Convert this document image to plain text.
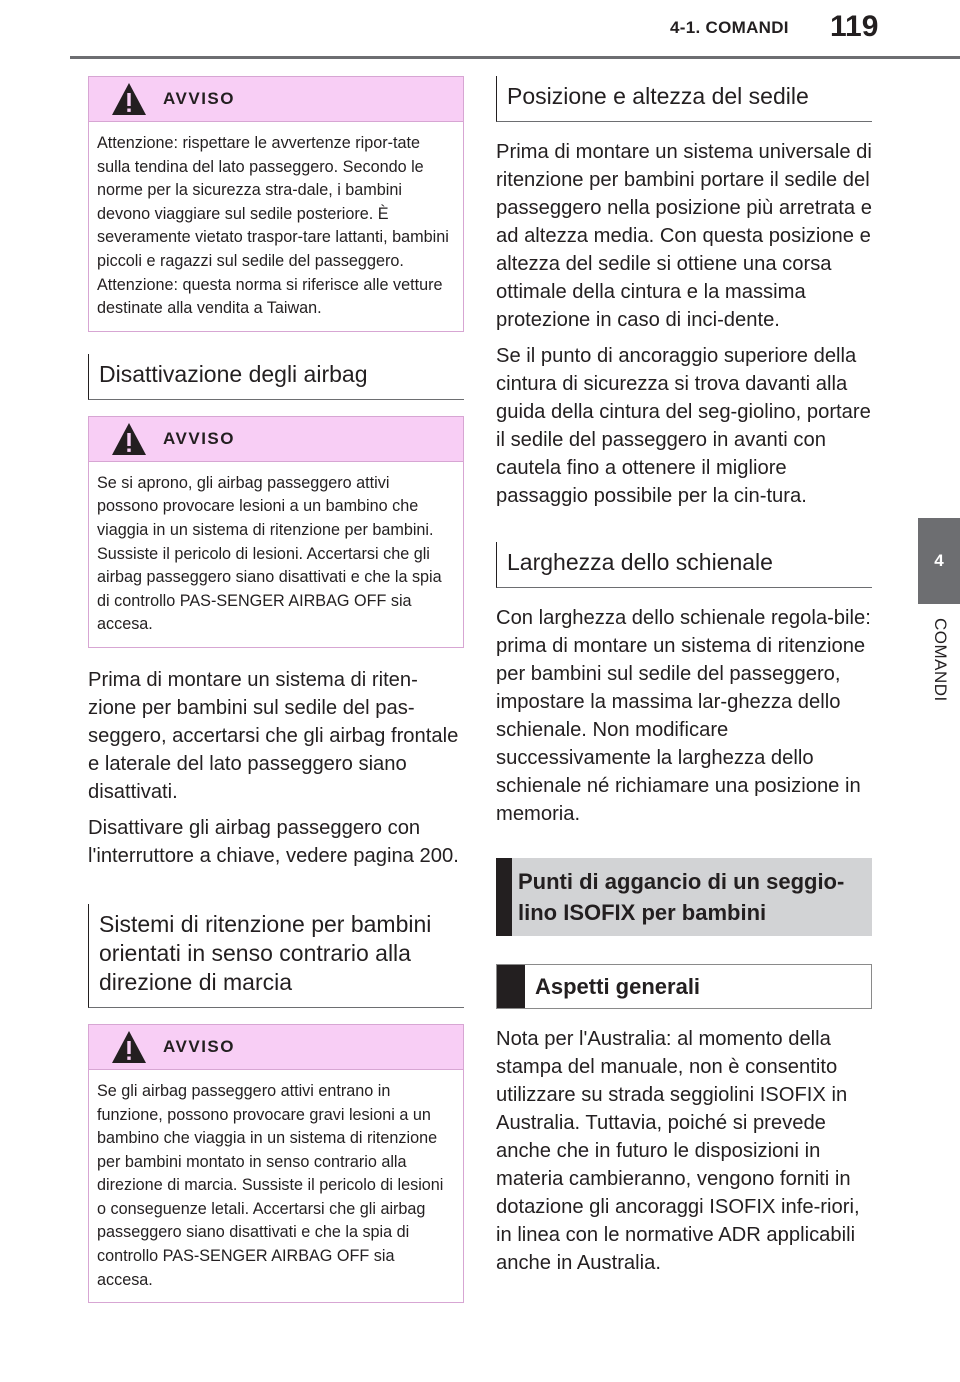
4-1. COMANDI 119
4
COMANDI
AVVISO
Attenzione: rispettare le avvertenze ripor-tate sulla tendina del lato passeggero. Secondo le norme per la sicurezza stra-dale, i bambini devono viaggiare sul sedile posteriore. È severamente vietato traspor-tare lattanti, bambini piccoli e ragazzi sul sedile del passeggero. Attenzione: questa norma si riferisce alle vetture destinate alla vendita a Taiwan.
Disattivazione degli airbag
AVVISO
Se si aprono, gli airbag passeggero attivi possono provocare lesioni a un bambino che viaggia in un sistema di ritenzione per bambini. Sussiste il pericolo di lesioni. Accertarsi che gli airbag passeggero siano disattivati e che la spia di controllo PAS-SENGER AIRBAG OFF sia accesa.

Prima di montare un sistema di riten-zione per bambini sul sedile del pas-seggero, accertarsi che gli airbag frontale e laterale del lato passeggero siano disattivati.

Disattivare gli airbag passeggero con l'interruttore a chiave, vedere pagina 200.

Sistemi di ritenzione per bambini orientati in senso contrario alla direzione di marcia
AVVISO
Se gli airbag passeggero attivi entrano in funzione, possono provocare gravi lesioni a un bambino che viaggia in un sistema di ritenzione per bambini montato in senso contrario alla direzione di marcia. Sussiste il pericolo di lesioni o conseguenze letali. Accertarsi che gli airbag passeggero siano disattivati e che la spia di controllo PAS-SENGER AIRBAG OFF sia accesa.
Posizione e altezza del sedile

Prima di montare un sistema universale di ritenzione per bambini portare il sedile del passeggero nella posizione più arretrata e ad altezza media. Con questa posizione e altezza del sedile si ottiene una corsa ottimale della cintura e la massima protezione in caso di inci-dente.

Se il punto di ancoraggio superiore della cintura di sicurezza si trova davanti alla guida della cintura del seg-giolino, portare il sedile del passeggero in avanti con cautela fino a ottenere il migliore passaggio possibile per la cin-tura.

Larghezza dello schienale

Con larghezza dello schienale regola-bile: prima di montare un sistema di ritenzione per bambini sul sedile del passeggero, impostare la massima lar-ghezza dello schienale. Non modificare successivamente la larghezza dello schienale né richiamare una posizione in memoria.

Punti di aggancio di un seggio-lino ISOFIX per bambini
Aspetti generali

Nota per l'Australia: al momento della stampa del manuale, non è consentito utilizzare su strada seggiolini ISOFIX in Australia. Tuttavia, poiché si prevede anche che in futuro le disposizioni in materia cambieranno, vengono forniti in dotazione gli ancoraggi ISOFIX infe-riori, in linea con le normative ADR applicabili anche in Australia.
